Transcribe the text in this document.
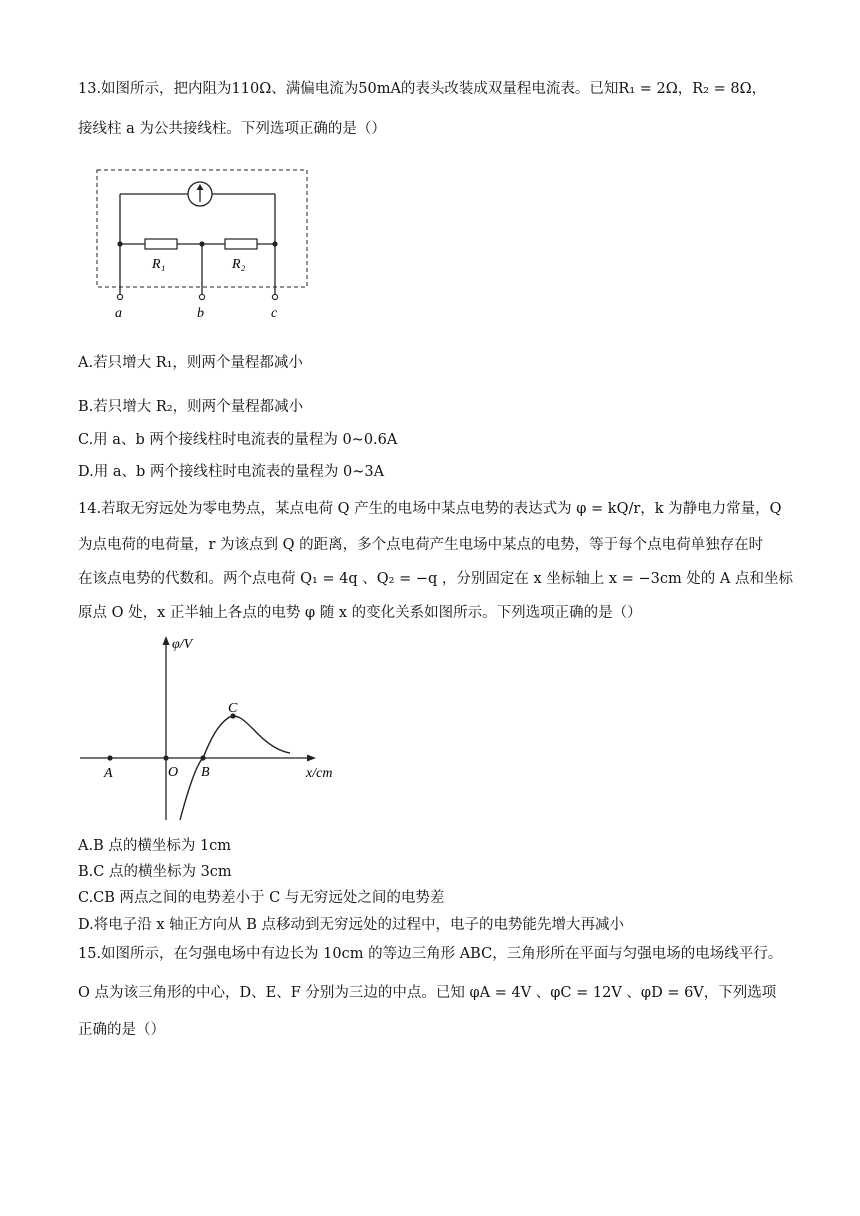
13.如图所示，把内阻为110Ω、满偏电流为50mA的表头改装成双量程电流表。已知R₁ = 2Ω，R₂ = 8Ω，
接线柱 a 为公共接线柱。下列选项正确的是（）
R₁	R₂
a	b	c
A.若只增大 R₁，则两个量程都减小
B.若只增大 R₂，则两个量程都减小
C.用 a、b 两个接线柱时电流表的量程为 0~0.6A
D.用 a、b 两个接线柱时电流表的量程为 0~3A
14.若取无穷远处为零电势点，某点电荷 Q 产生的电场中某点电势的表达式为 φ = kQ/r，k 为静电力常量，Q
为点电荷的电荷量，r 为该点到 Q 的距离，多个点电荷产生电场中某点的电势，等于每个点电荷单独存在时
在该点电势的代数和。两个点电荷 Q₁ = 4q 、Q₂ = −q ，分别固定在 x 坐标轴上 x = −3cm 处的 A 点和坐标
原点 O 处，x 正半轴上各点的电势 φ 随 x 的变化关系如图所示。下列选项正确的是（）
φ/V
x/cm
A	O B
C
A.B 点的横坐标为 1cm
B.C 点的横坐标为 3cm
C.CB 两点之间的电势差小于 C 与无穷远处之间的电势差
D.将电子沿 x 轴正方向从 B 点移动到无穷远处的过程中，电子的电势能先增大再减小
15.如图所示，在匀强电场中有边长为 10cm 的等边三角形 ABC，三角形所在平面与匀强电场的电场线平行。
O 点为该三角形的中心，D、E、F 分别为三边的中点。已知 φA = 4V 、φC = 12V 、φD = 6V，下列选项
正确的是（）
